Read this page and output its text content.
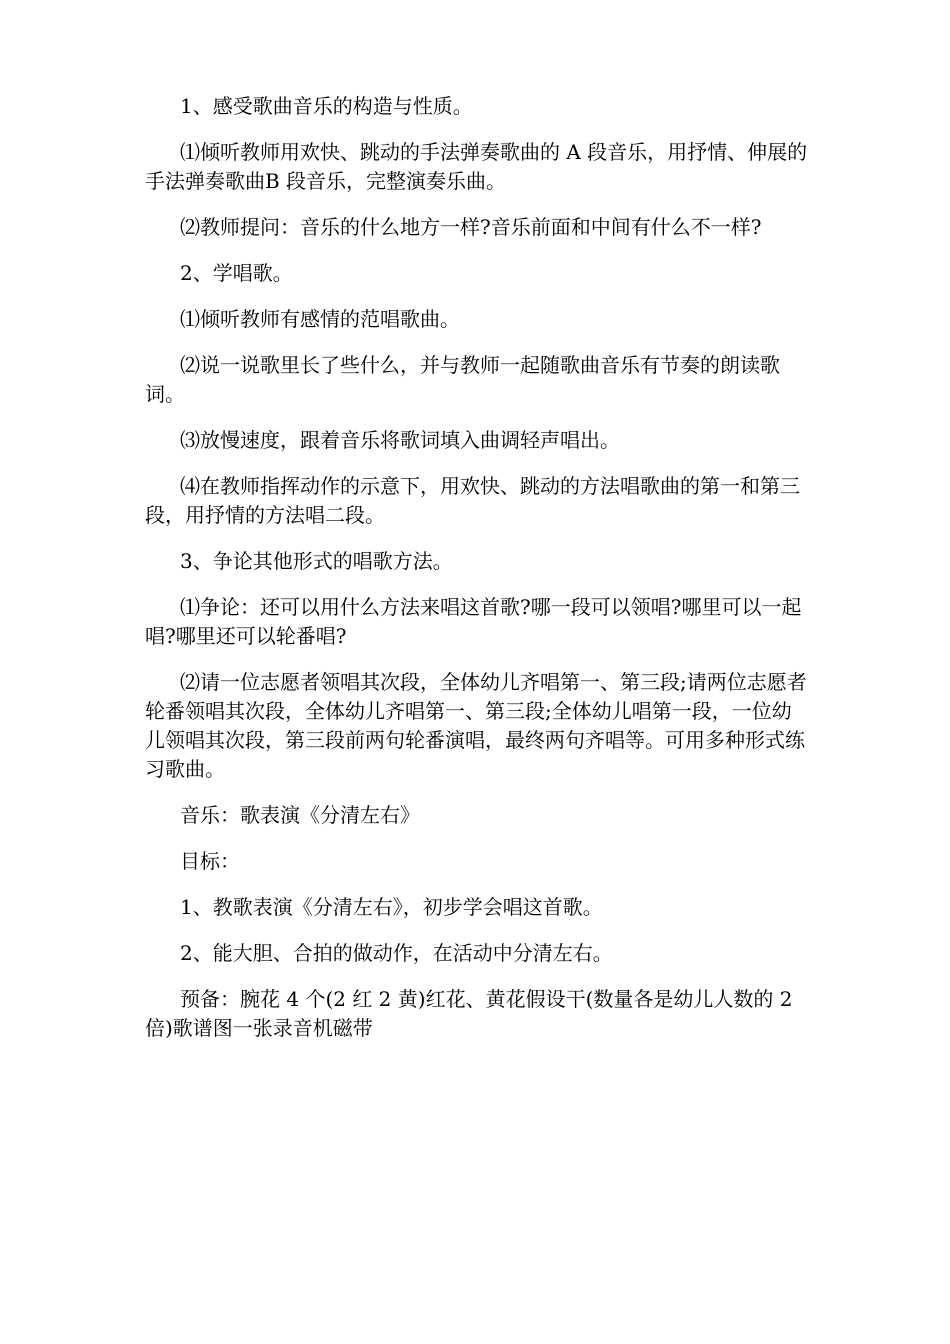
1、感受歌曲音乐的构造与性质。

⑴倾听教师用欢快、跳动的手法弹奏歌曲的 A 段音乐，用抒情、伸展的手法弹奏歌曲B 段音乐，完整演奏乐曲。

⑵教师提问：音乐的什么地方一样?音乐前面和中间有什么不一样?

2、学唱歌。

⑴倾听教师有感情的范唱歌曲。

⑵说一说歌里长了些什么，并与教师一起随歌曲音乐有节奏的朗读歌词。

⑶放慢速度，跟着音乐将歌词填入曲调轻声唱出。

⑷在教师指挥动作的示意下，用欢快、跳动的方法唱歌曲的第一和第三段，用抒情的方法唱二段。

3、争论其他形式的唱歌方法。

⑴争论：还可以用什么方法来唱这首歌?哪一段可以领唱?哪里可以一起唱?哪里还可以轮番唱?

⑵请一位志愿者领唱其次段，全体幼儿齐唱第一、第三段;请两位志愿者轮番领唱其次段，全体幼儿齐唱第一、第三段;全体幼儿唱第一段，一位幼儿领唱其次段，第三段前两句轮番演唱，最终两句齐唱等。可用多种形式练习歌曲。

音乐：歌表演《分清左右》

目标：

1、教歌表演《分清左右》，初步学会唱这首歌。

2、能大胆、合拍的做动作，在活动中分清左右。

预备：腕花 4 个(2 红 2 黄)红花、黄花假设干(数量各是幼儿人数的 2 倍)歌谱图一张录音机磁带
